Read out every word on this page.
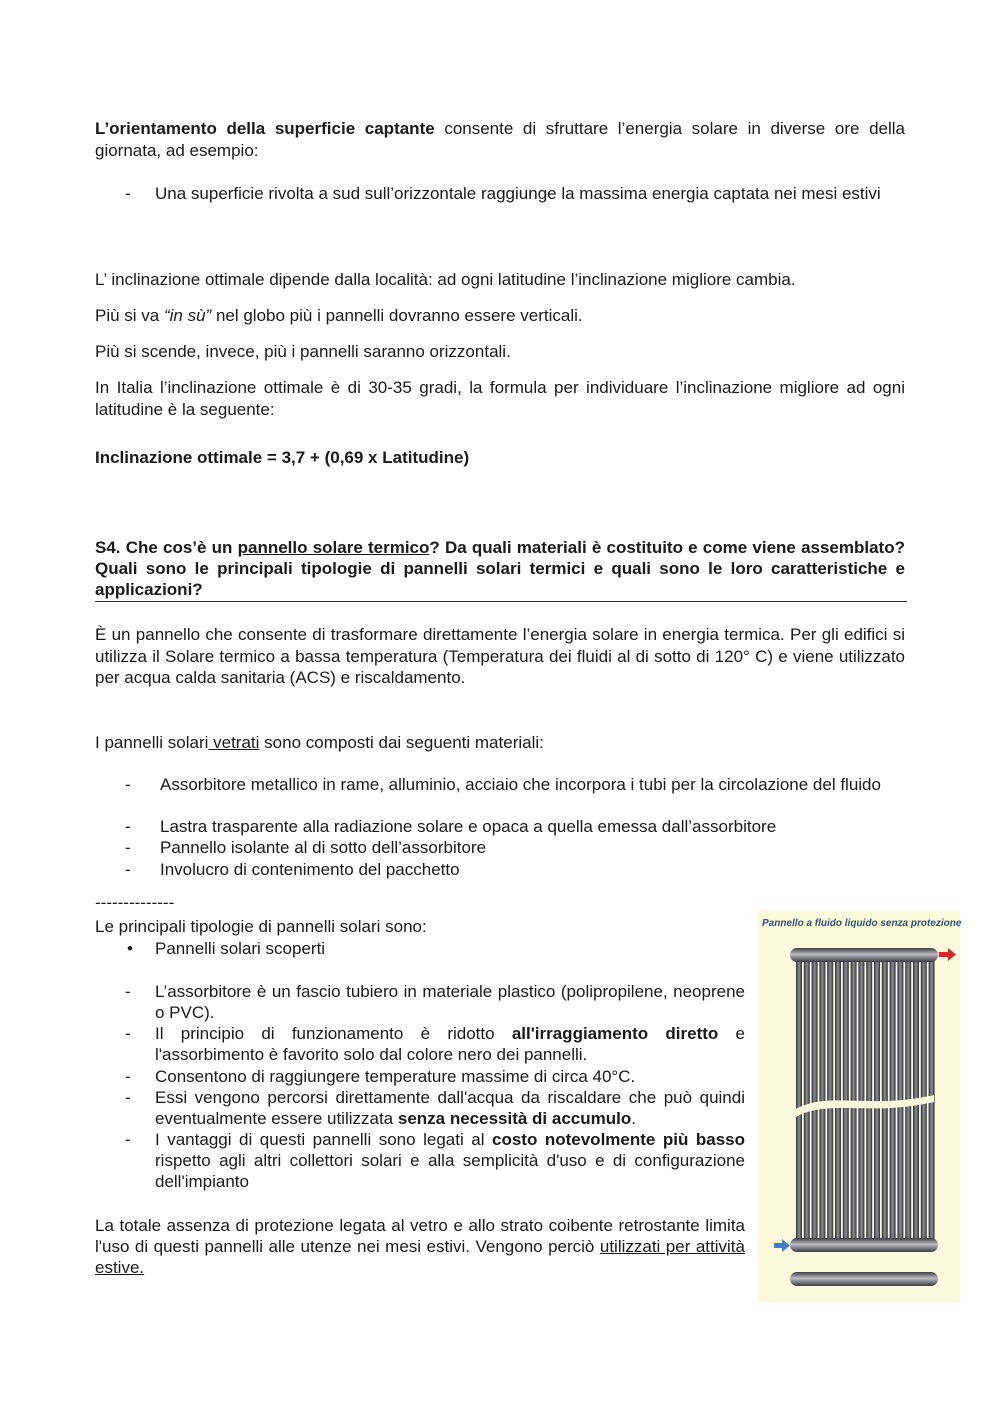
L’orientamento della superficie captante consente di sfruttare l’energia solare in diverse ore della giornata, ad esempio:

- Una superficie rivolta a sud sull’orizzontale raggiunge la massima energia captata nei mesi estivi

L’ inclinazione ottimale dipende dalla località: ad ogni latitudine l’inclinazione migliore cambia.

Più si va “in sù” nel globo più i pannelli dovranno essere verticali.

Più si scende, invece, più i pannelli saranno orizzontali.

In Italia l’inclinazione ottimale è di 30-35 gradi, la formula per individuare l’inclinazione migliore ad ogni latitudine è la seguente:

Inclinazione ottimale = 3,7 + (0,69 x Latitudine)

S4. Che cos’è un pannello solare termico? Da quali materiali è costituito e come viene assemblato? Quali sono le principali tipologie di pannelli solari termici e quali sono le loro caratteristiche e applicazioni?

È un pannello che consente di trasformare direttamente l’energia solare in energia termica. Per gli edifici si utilizza il Solare termico a bassa temperatura (Temperatura dei fluidi al di sotto di 120° C) e viene utilizzato per acqua calda sanitaria (ACS) e riscaldamento.

I pannelli solari vetrati sono composti dai seguenti materiali:

- Assorbitore metallico in rame, alluminio, acciaio che incorpora i tubi per la circolazione del fluido
- Lastra trasparente alla radiazione solare e opaca a quella emessa dall’assorbitore
- Pannello isolante al di sotto dell’assorbitore
- Involucro di contenimento del pacchetto

--------------

Le principali tipologie di pannelli solari sono:

• Pannelli solari scoperti
- L’assorbitore è un fascio tubiero in materiale plastico (polipropilene, neoprene o PVC).
- Il principio di funzionamento è ridotto all'irraggiamento diretto e l'assorbimento è favorito solo dal colore nero dei pannelli.
- Consentono di raggiungere temperature massime di circa 40°C.
- Essi vengono percorsi direttamente dall'acqua da riscaldare che può quindi eventualmente essere utilizzata senza necessità di accumulo.
- I vantaggi di questi pannelli sono legati al costo notevolmente più basso rispetto agli altri collettori solari e alla semplicità d'uso e di configurazione dell'impianto

La totale assenza di protezione legata al vetro e allo strato coibente retrostante limita l'uso di questi pannelli alle utenze nei mesi estivi. Vengono perciò utilizzati per attività estive.

Pannello a fluido liquido senza protezione
